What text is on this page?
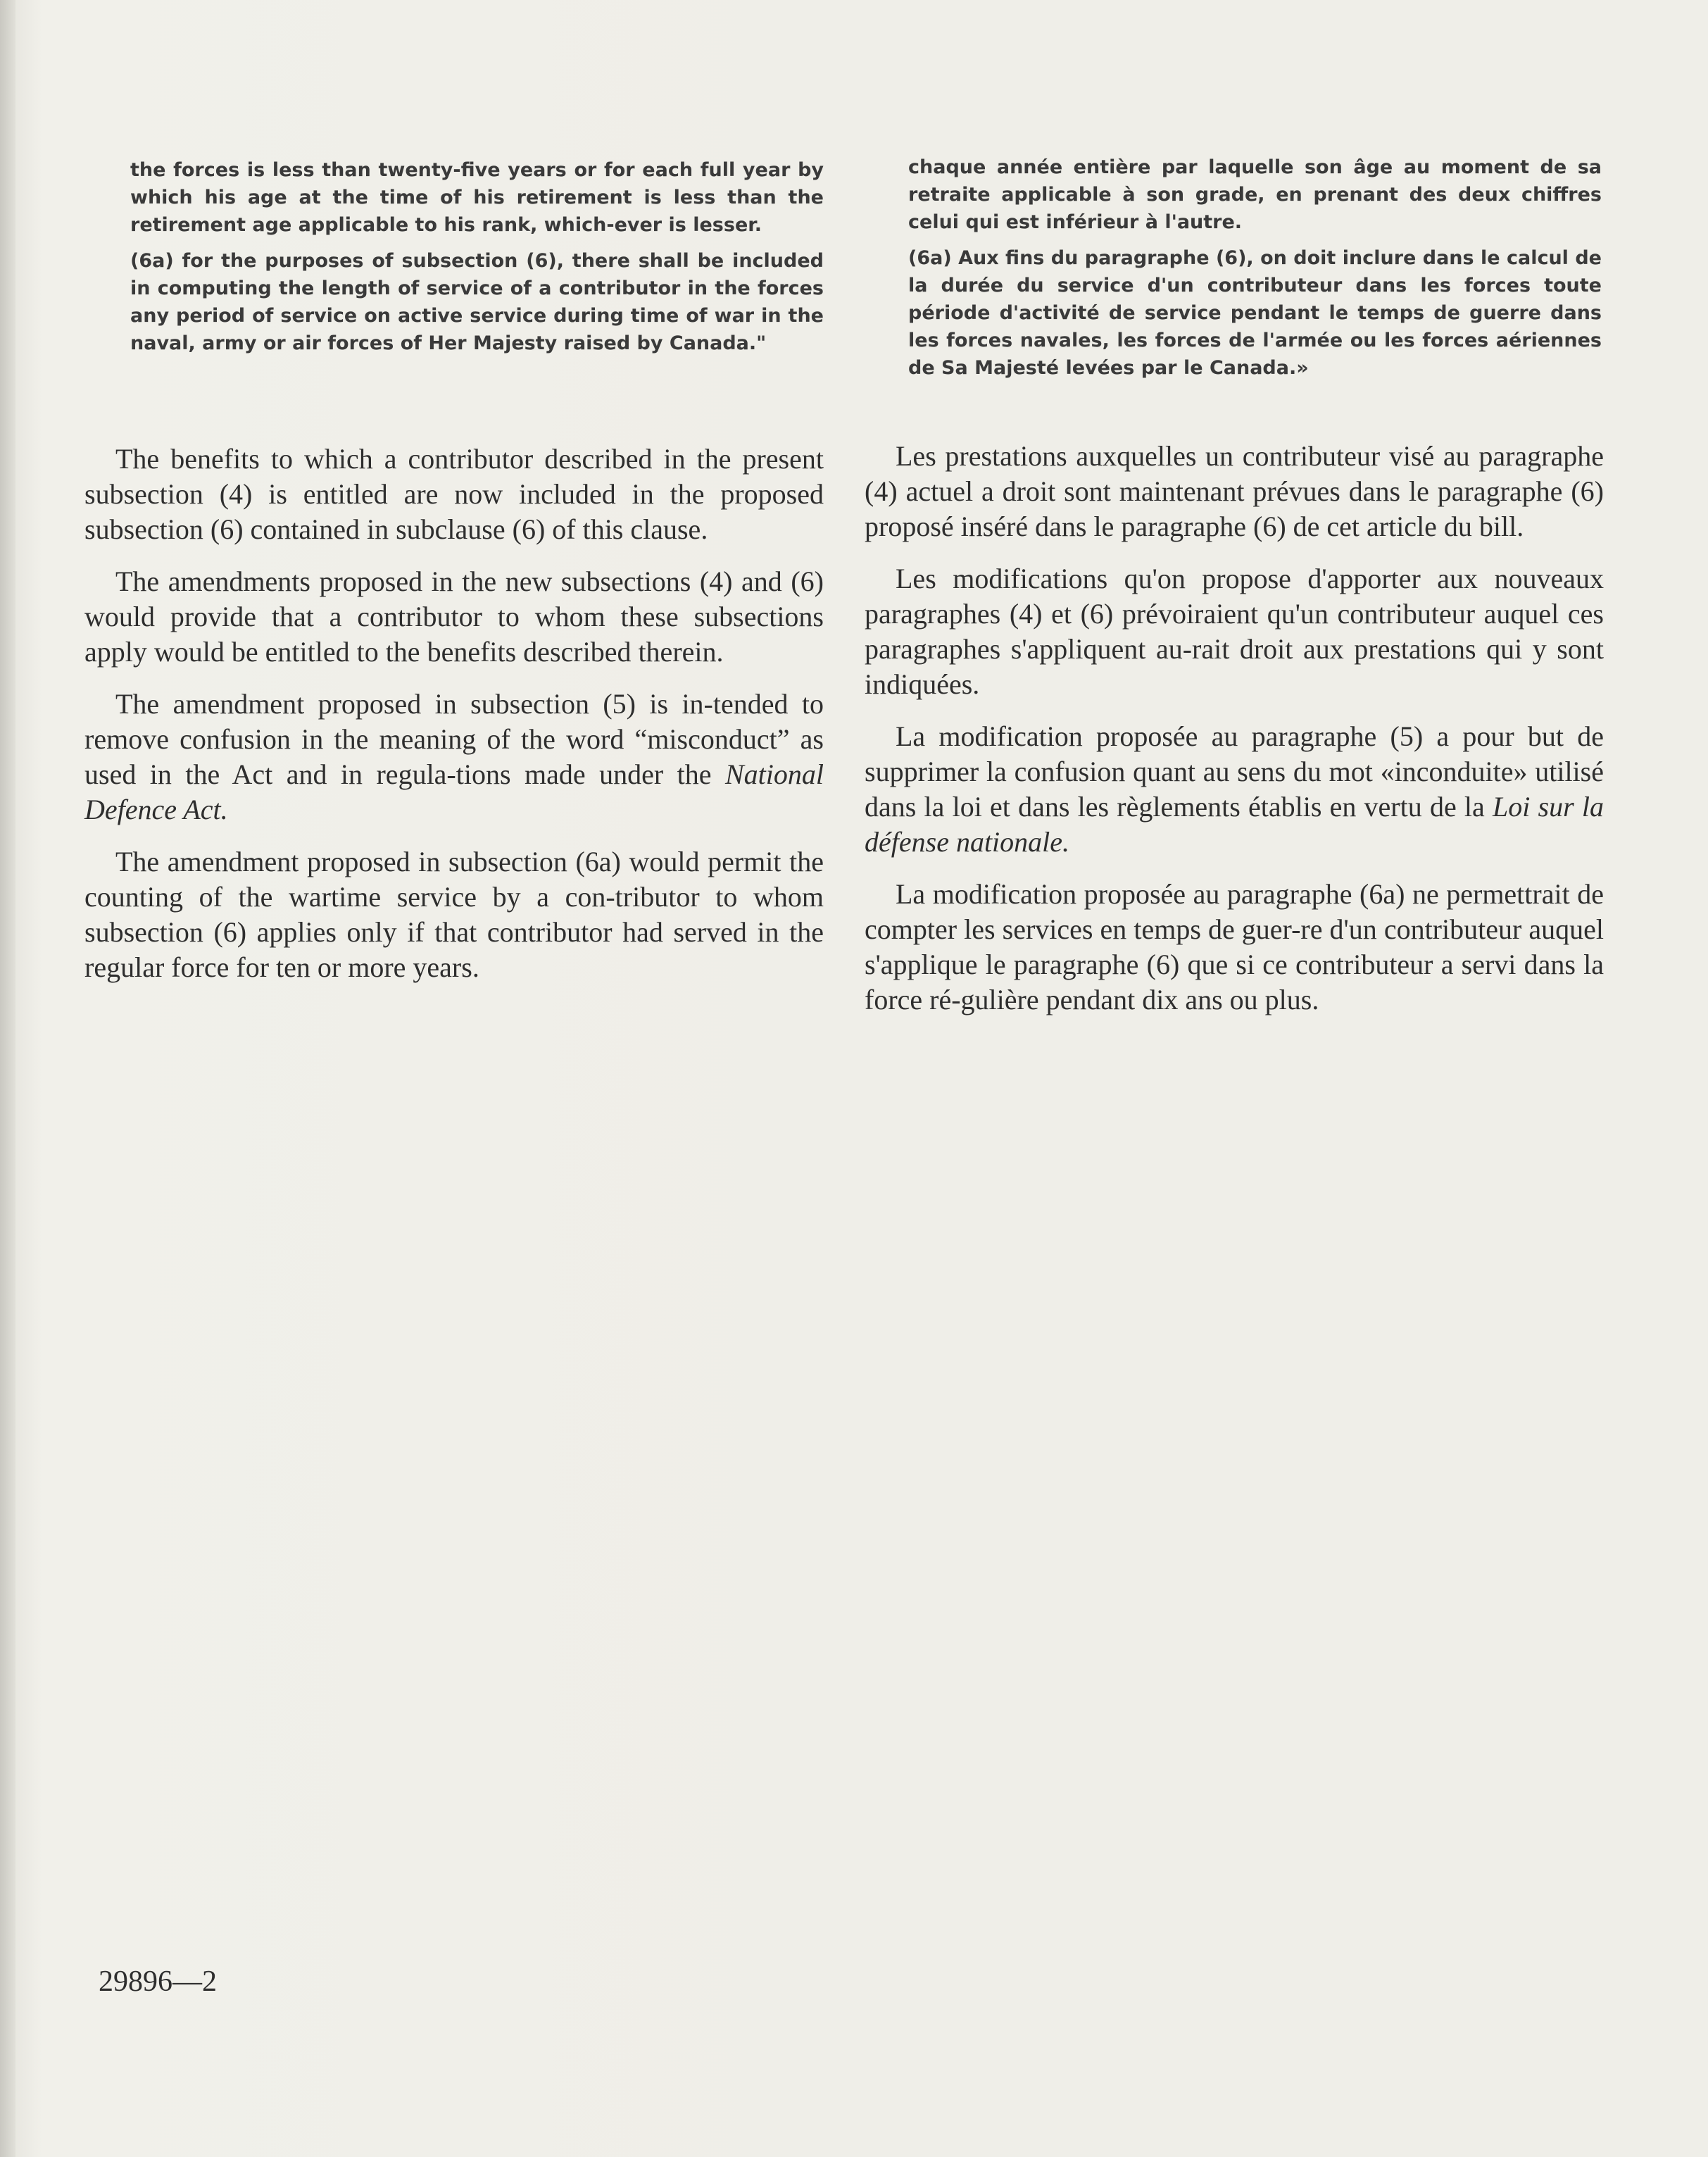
the forces is less than twenty-five years or for each full year by which his age at the time of his retirement is less than the retirement age applicable to his rank, which-ever is lesser.

(6a) for the purposes of subsection (6), there shall be included in computing the length of service of a contributor in the forces any period of service on active service during time of war in the naval, army or air forces of Her Majesty raised by Canada."

chaque année entière par laquelle son âge au moment de sa retraite applicable à son grade, en prenant des deux chiffres celui qui est inférieur à l'autre.

(6a) Aux fins du paragraphe (6), on doit inclure dans le calcul de la durée du service d'un contributeur dans les forces toute période d'activité de service pendant le temps de guerre dans les forces navales, les forces de l'armée ou les forces aériennes de Sa Majesté levées par le Canada.»

The benefits to which a contributor described in the present subsection (4) is entitled are now included in the proposed subsection (6) contained in subclause (6) of this clause.

The amendments proposed in the new subsections (4) and (6) would provide that a contributor to whom these subsections apply would be entitled to the benefits described therein.

The amendment proposed in subsection (5) is in-tended to remove confusion in the meaning of the word “misconduct” as used in the Act and in regula-tions made under the National Defence Act.

The amendment proposed in subsection (6a) would permit the counting of the wartime service by a con-tributor to whom subsection (6) applies only if that contributor had served in the regular force for ten or more years.

Les prestations auxquelles un contributeur visé au paragraphe (4) actuel a droit sont maintenant prévues dans le paragraphe (6) proposé inséré dans le paragraphe (6) de cet article du bill.

Les modifications qu'on propose d'apporter aux nouveaux paragraphes (4) et (6) prévoiraient qu'un contributeur auquel ces paragraphes s'appliquent au-rait droit aux prestations qui y sont indiquées.

La modification proposée au paragraphe (5) a pour but de supprimer la confusion quant au sens du mot «inconduite» utilisé dans la loi et dans les règlements établis en vertu de la Loi sur la défense nationale.

La modification proposée au paragraphe (6a) ne permettrait de compter les services en temps de guer-re d'un contributeur auquel s'applique le paragraphe (6) que si ce contributeur a servi dans la force ré-gulière pendant dix ans ou plus.

29896—2
